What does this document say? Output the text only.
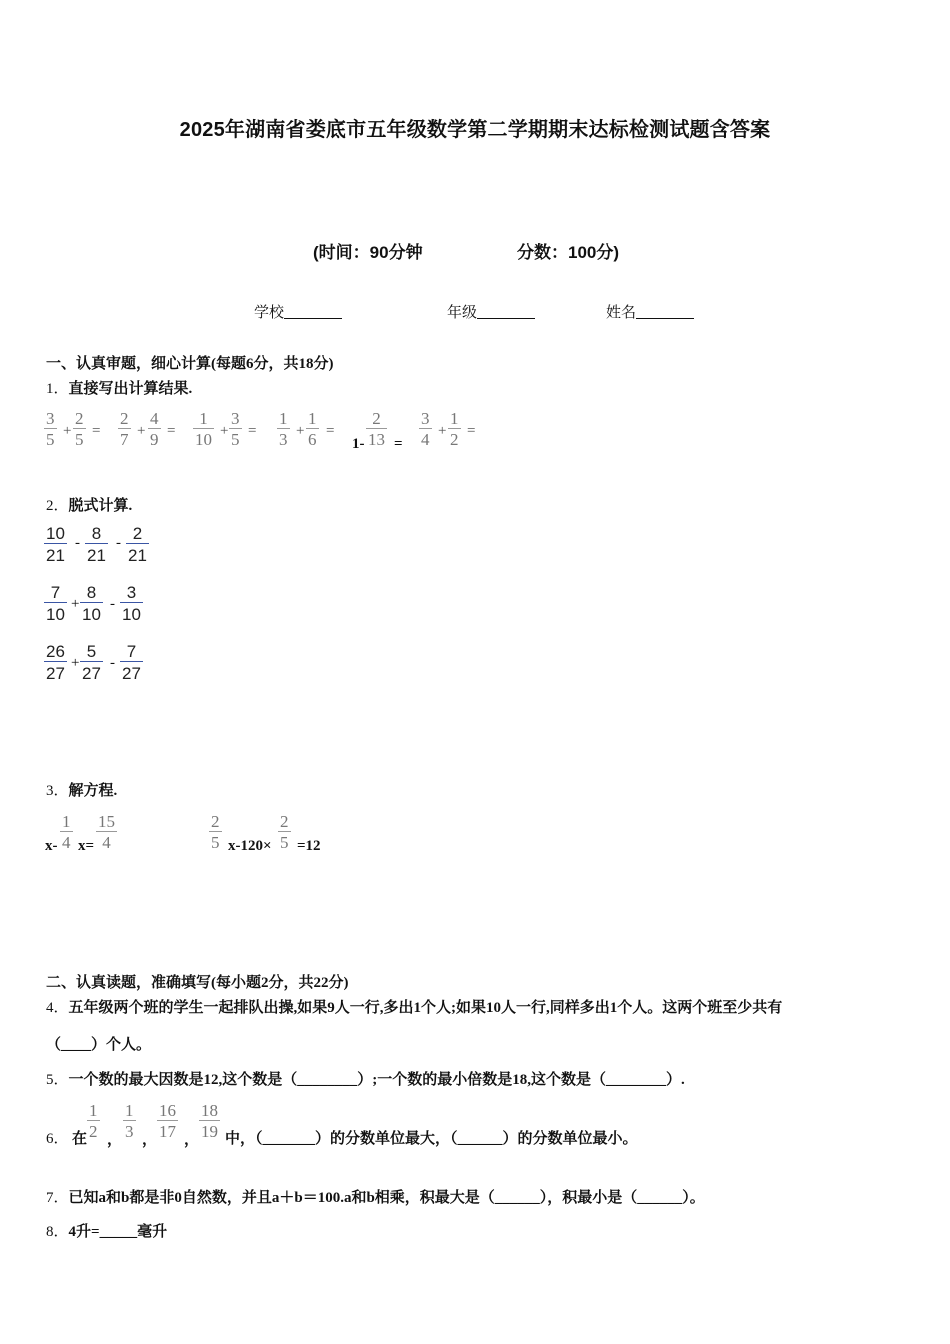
2025年湖南省娄底市五年级数学第二学期期末达标检测试题含答案
(时间：90分钟	分数：100分)
学校	年级	姓名
一、认真审题，细心计算(每题6分，共18分)
1．直接写出计算结果.
3
5 +
2
5 =
2
7 +
4
9 =
1
10 +
3
5 =
1
3 +
1
6 =
1-
2
13 =
3
4 +
1
2 =
2．脱式计算.
10
21
- 8
21
- 2
21
7
10
+
8
10
-
3
10
26
27
+
5
27
-
7
27
3．解方程.
x-
1
4 x=
15
4
2
5 x-120×
2
5 =12
二、认真读题，准确填写(每小题2分，共22分)
4．五年级两个班的学生一起排队出操,如果9人一行,多出1个人;如果10人一行,同样多出1个人。这两个班至少共有
（____）个人。
5．一个数的最大因数是12,这个数是（________）;一个数的最小倍数是18,这个数是（________）.
6． 在
1
2 ，
1
3 ，
16
17 ，
18
19 中，（_______）的分数单位最大，（______）的分数单位最小。
7．已知a和b都是非0自然数，并且a＋b＝100.a和b相乘，积最大是（______），积最小是（______）。
8．4升=_____毫升
